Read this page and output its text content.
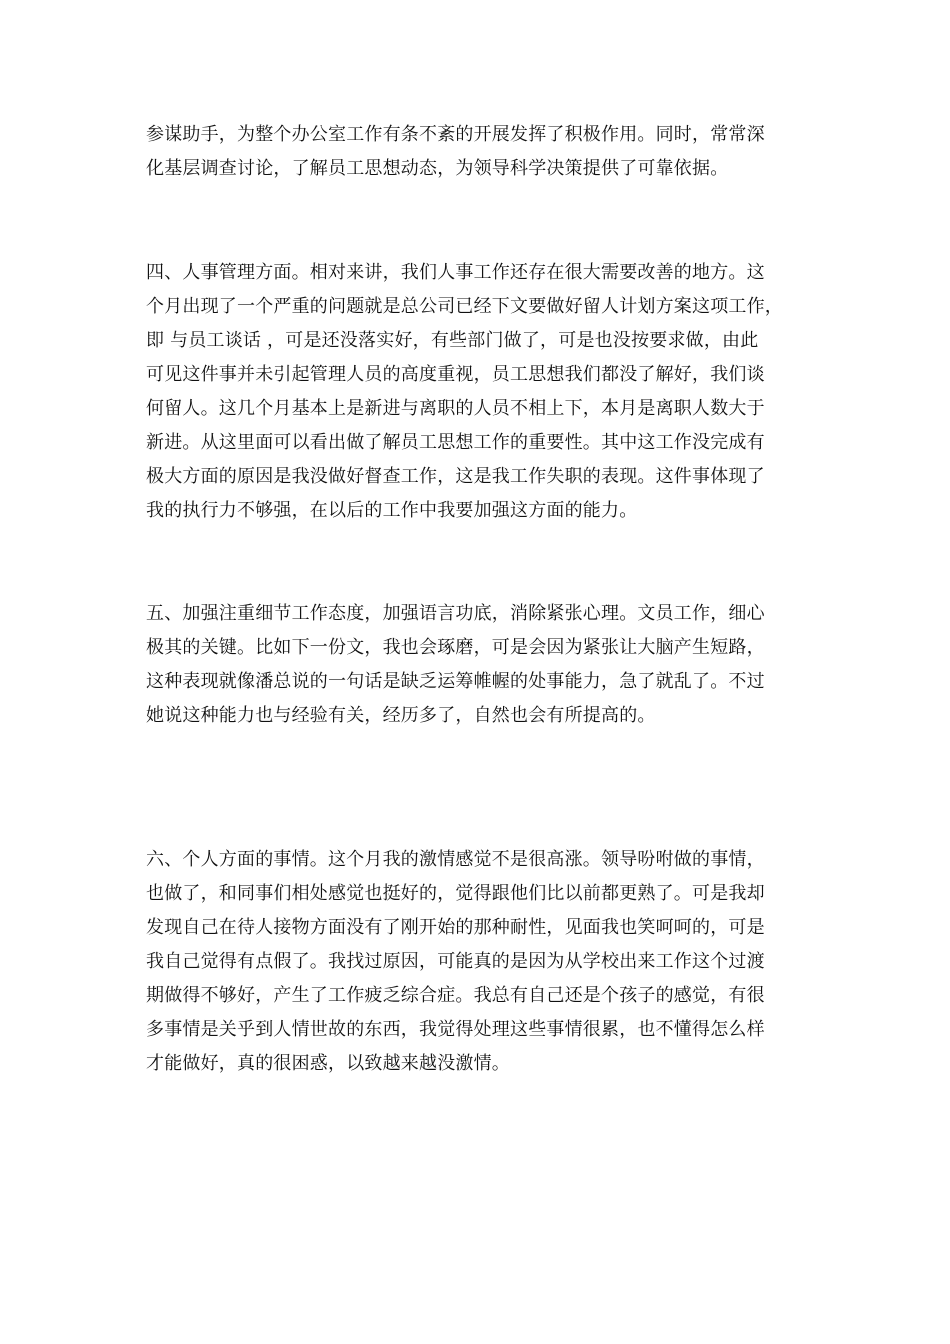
参谋助手，为整个办公室工作有条不紊的开展发挥了积极作用。同时，常常深
化基层调查讨论，了解员工思想动态，为领导科学决策提供了可靠依据。

四、人事管理方面。相对来讲，我们人事工作还存在很大需要改善的地方。这
个月出现了一个严重的问题就是总公司已经下文要做好留人计划方案这项工作，
即 与员工谈话 ，可是还没落实好，有些部门做了，可是也没按要求做，由此
可见这件事并未引起管理人员的高度重视，员工思想我们都没了解好，我们谈
何留人。这几个月基本上是新进与离职的人员不相上下，本月是离职人数大于
新进。从这里面可以看出做了解员工思想工作的重要性。其中这工作没完成有
极大方面的原因是我没做好督查工作，这是我工作失职的表现。这件事体现了
我的执行力不够强，在以后的工作中我要加强这方面的能力。

五、加强注重细节工作态度，加强语言功底，消除紧张心理。文员工作，细心
极其的关键。比如下一份文，我也会琢磨，可是会因为紧张让大脑产生短路，
这种表现就像潘总说的一句话是缺乏运筹帷幄的处事能力，急了就乱了。不过
她说这种能力也与经验有关，经历多了，自然也会有所提高的。

六、个人方面的事情。这个月我的激情感觉不是很高涨。领导吩咐做的事情，
也做了，和同事们相处感觉也挺好的，觉得跟他们比以前都更熟了。可是我却
发现自己在待人接物方面没有了刚开始的那种耐性，见面我也笑呵呵的，可是
我自己觉得有点假了。我找过原因，可能真的是因为从学校出来工作这个过渡
期做得不够好，产生了工作疲乏综合症。我总有自己还是个孩子的感觉，有很
多事情是关乎到人情世故的东西，我觉得处理这些事情很累，也不懂得怎么样
才能做好，真的很困惑，以致越来越没激情。
